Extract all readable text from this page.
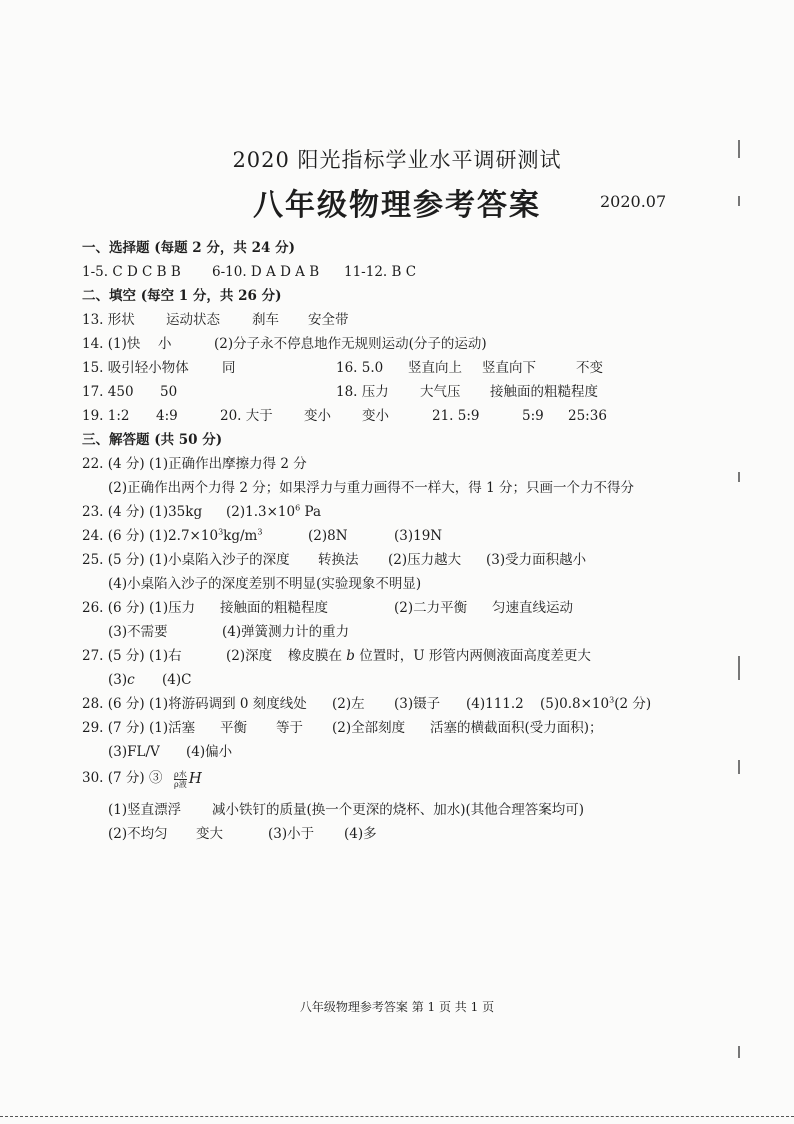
2020 阳光指标学业水平调研测试
八年级物理参考答案	2020.07
一、选择题 (每题 2 分，共 24 分)
1-5. C D C B B 6-10. D A D A B 11-12. B C
二、填空 (每空 1 分，共 26 分)
13. 形状 运动状态 刹车 安全带
14. (1)快 小	(2)分子永不停息地作无规则运动(分子的运动)
15. 吸引轻小物体 同	16. 5.0 竖直向上 竖直向下	不变
17. 450 50	18. 压力 大气压 接触面的粗糙程度
19. 1:2 4:9	20. 大于 变小 变小	21. 5:9	5:9 25:36
三、解答题 (共 50 分)
22. (4 分) (1)正确作出摩擦力得 2 分
(2)正确作出两个力得 2 分；如果浮力与重力画得不一样大，得 1 分；只画一个力不得分
23. (4 分) (1)35kg $(2)1.3\times 10^6$ Pa
24. (6 分) $(1)2.7\times 10^3kg/m^3$	(2)8N	(3)19N
25. (5 分) (1)小桌陷入沙子的深度 转换法 (2)压力越大 (3)受力面积越小
(4)小桌陷入沙子的深度差别不明显(实验现象不明显)
26. (6 分) (1)压力 接触面的粗糙程度	(2)二力平衡 匀速直线运动
(3)不需要	(4)弹簧测力计的重力
27. (5 分) (1)右	(2)深度 橡皮膜在 b 位置时，U 形管内两侧液面高度差更大
(3)c (4)C
28. (6 分) (1)将游码调到 0 刻度线处 (2)左 (3)镊子 (4)111.2 $(5)0.8\times 10^3(2$ 分)
29. (7 分) (1)活塞 平衡 等于 (2)全部刻度 活塞的横截面积(受力面积)；
(3)FL/V (4)偏小
30. (7 分) ③ $\frac{\text{ρ水}}{\text{ρ液}}$ H
(1)竖直漂浮 减小铁钉的质量(换一个更深的烧杯、加水)(其他合理答案均可)
(2)不均匀 变大	(3)小于 (4)多
八年级物理参考答案 第 1 页 共 1 页
